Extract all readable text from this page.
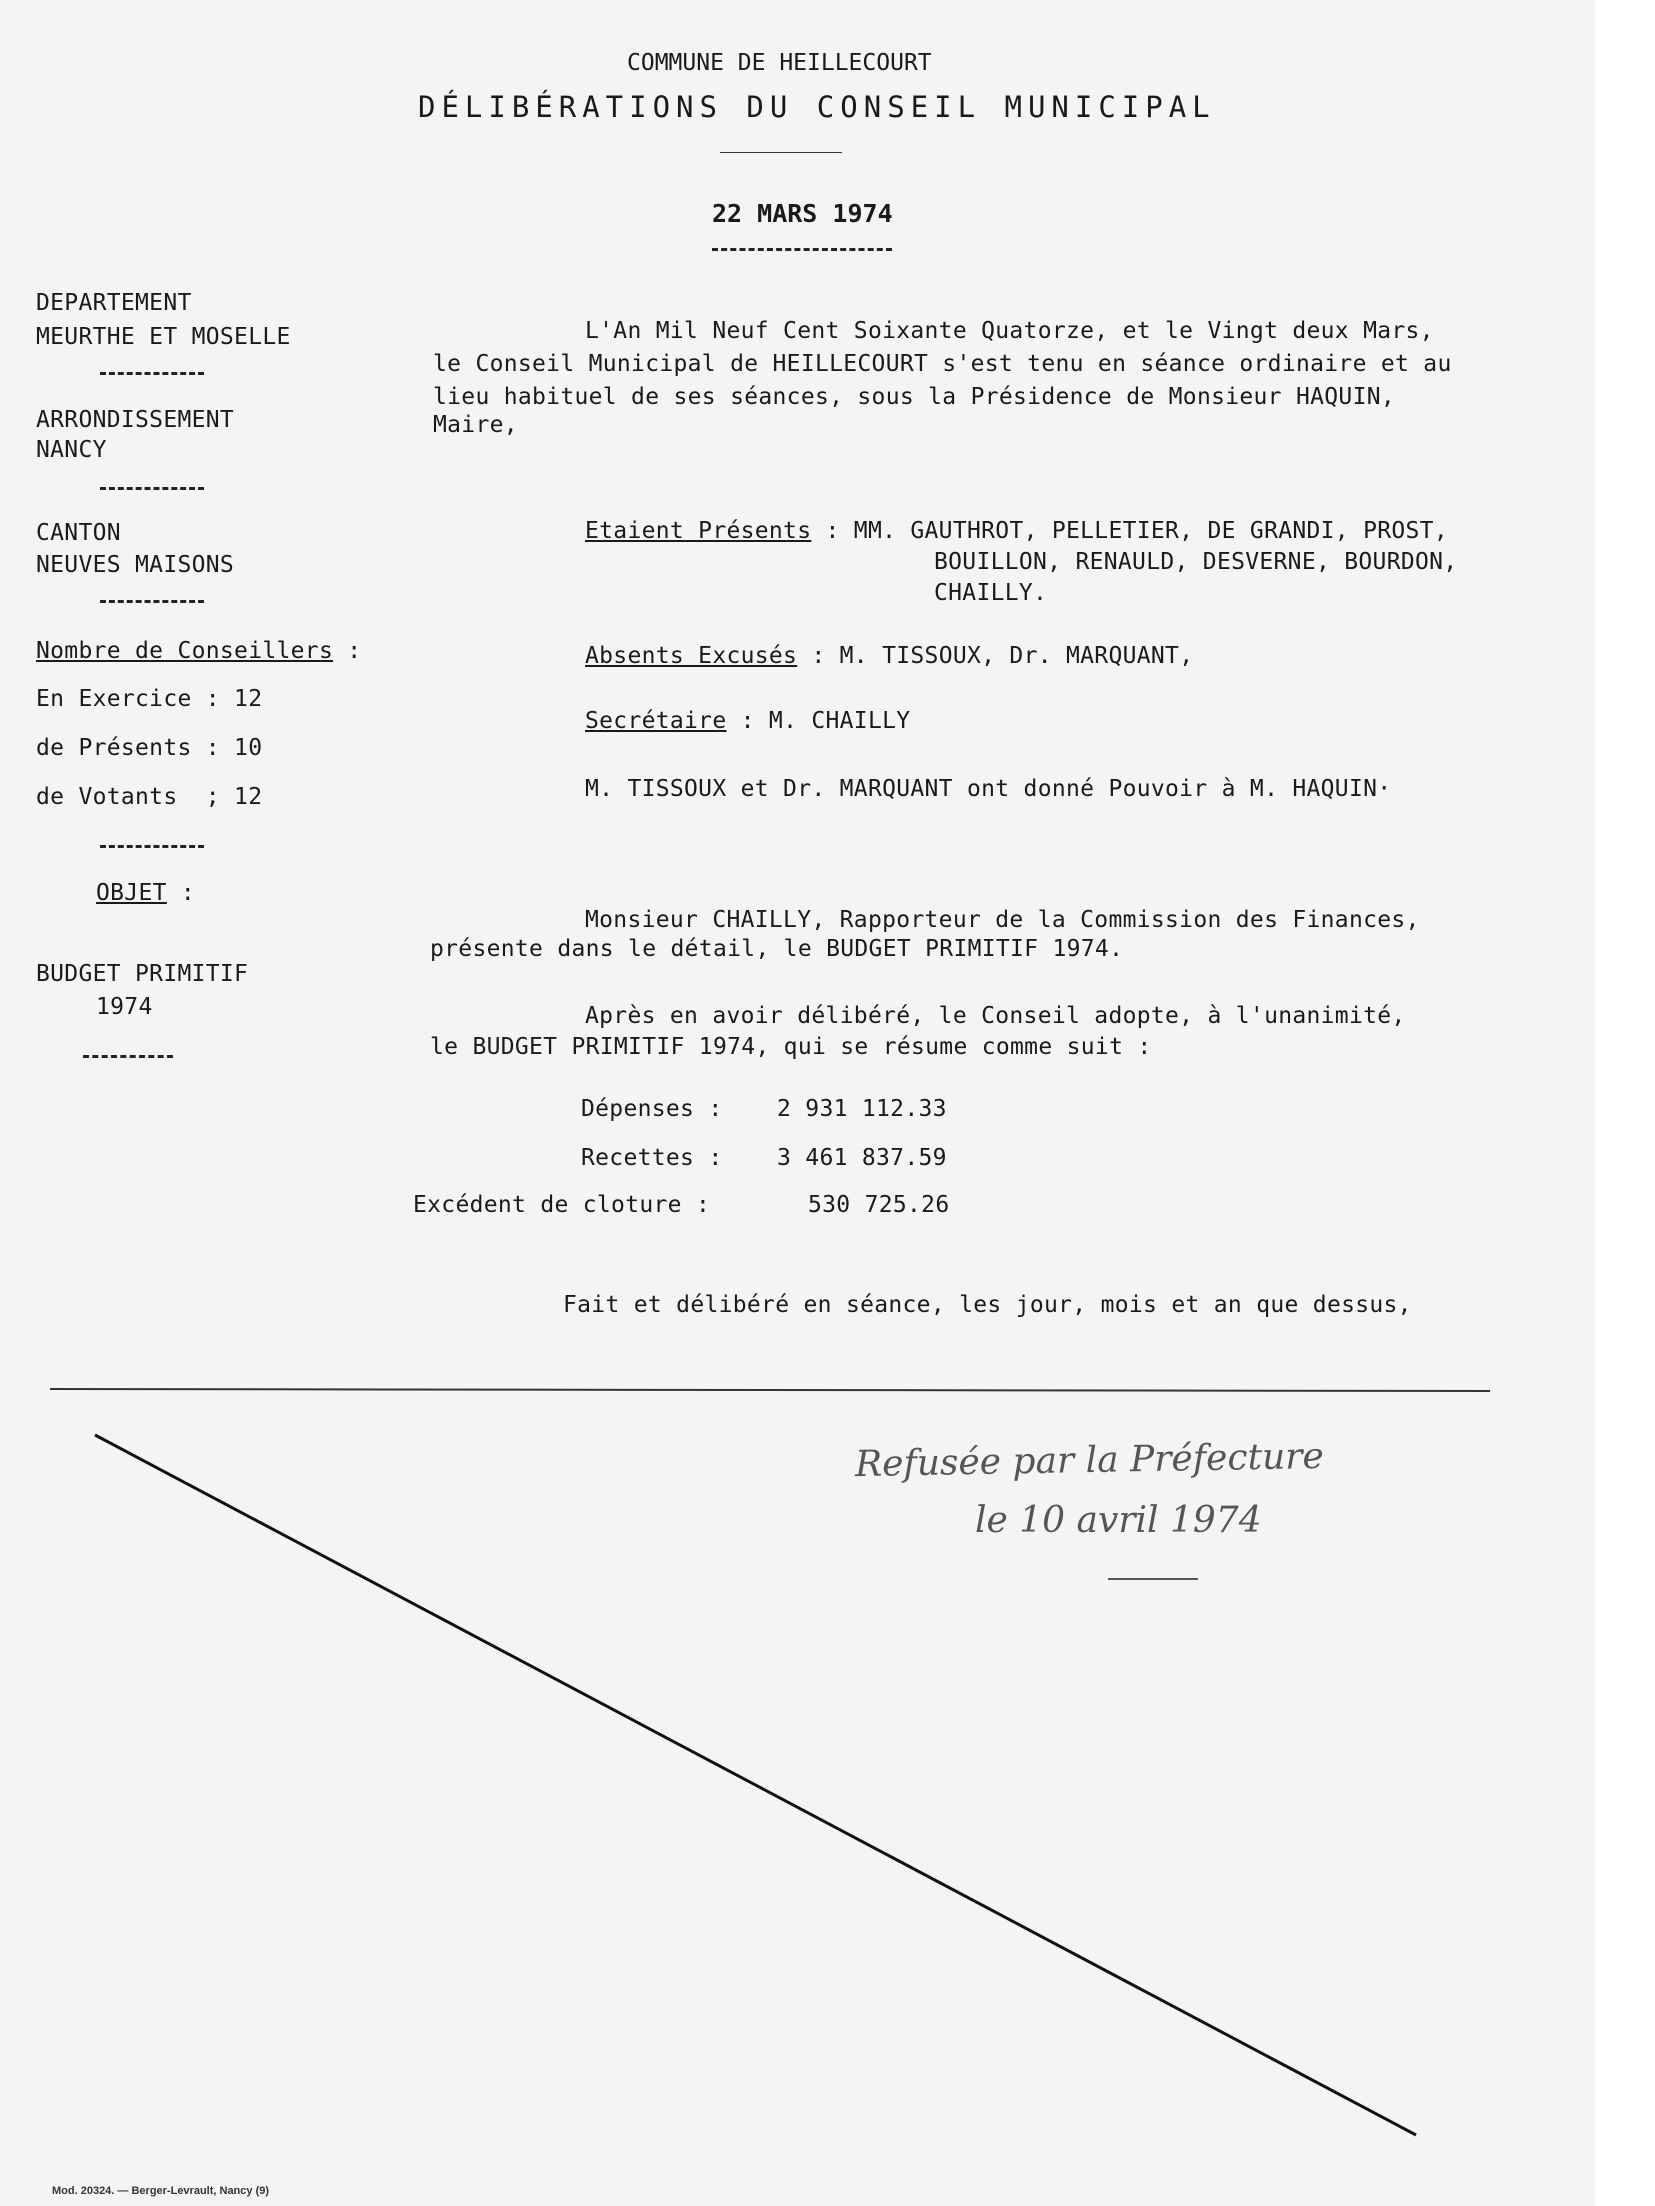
COMMUNE DE HEILLECOURT
DÉLIBÉRATIONS DU CONSEIL MUNICIPAL
22 MARS 1974
DEPARTEMENT
MEURTHE ET MOSELLE
ARRONDISSEMENT
NANCY
CANTON
NEUVES MAISONS
Nombre de Conseillers :
En Exercice : 12
de Présents : 10
de Votants  ; 12
OBJET :
BUDGET PRIMITIF
1974
L'An Mil Neuf Cent Soixante Quatorze, et le Vingt deux Mars,
le Conseil Municipal de HEILLECOURT s'est tenu en séance ordinaire et au
lieu habituel de ses séances, sous la Présidence de Monsieur HAQUIN,
Maire,
Etaient Présents : MM. GAUTHROT, PELLETIER, DE GRANDI, PROST,
BOUILLON, RENAULD, DESVERNE, BOURDON,
CHAILLY.
Absents Excusés : M. TISSOUX, Dr. MARQUANT,
Secrétaire : M. CHAILLY
M. TISSOUX et Dr. MARQUANT ont donné Pouvoir à M. HAQUIN·
Monsieur CHAILLY, Rapporteur de la Commission des Finances,
présente dans le détail, le BUDGET PRIMITIF 1974.
Après en avoir délibéré, le Conseil adopte, à l'unanimité,
le BUDGET PRIMITIF 1974, qui se résume comme suit :
Dépenses : 2 931 112.33
Recettes : 3 461 837.59
Excédent de cloture :	530 725.26
Fait et délibéré en séance, les jour, mois et an que dessus,
Refusée par la Préfecture
le 10 avril 1974
Mod. 20324. — Berger-Levrault, Nancy (9)
